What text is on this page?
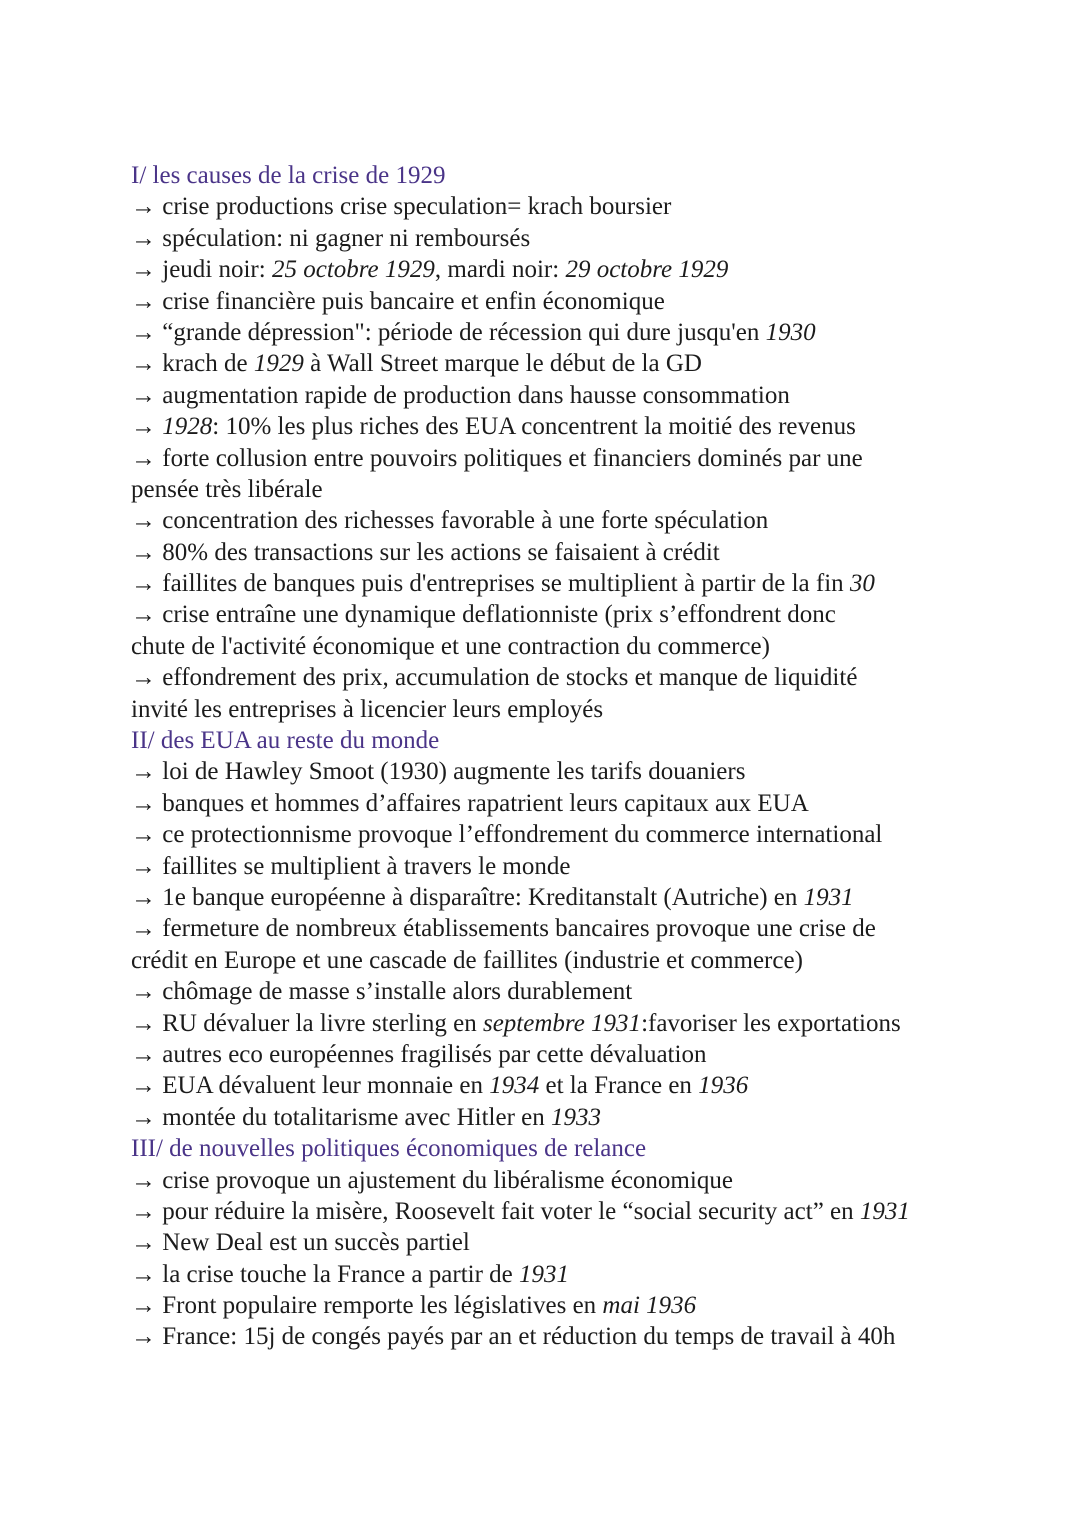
I/ les causes de la crise de 1929
→ crise productions crise speculation= krach boursier
→ spéculation: ni gagner ni remboursés
→ jeudi noir: 25 octobre 1929, mardi noir: 29 octobre 1929
→ crise financière puis bancaire et enfin économique
→ “grande dépression": période de récession qui dure jusqu'en 1930
→ krach de 1929 à Wall Street marque le début de la GD
→ augmentation rapide de production dans hausse consommation
→ 1928: 10% les plus riches des EUA concentrent la moitié des revenus
→ forte collusion entre pouvoirs politiques et financiers dominés par une
pensée très libérale
→ concentration des richesses favorable à une forte spéculation
→ 80% des transactions sur les actions se faisaient à crédit
→ faillites de banques puis d'entreprises se multiplient à partir de la fin 30
→ crise entraîne une dynamique deflationniste (prix s’effondrent donc
chute de l'activité économique et une contraction du commerce)
→ effondrement des prix, accumulation de stocks et manque de liquidité
invité les entreprises à licencier leurs employés
II/ des EUA au reste du monde
→ loi de Hawley Smoot (1930) augmente les tarifs douaniers
→ banques et hommes d’affaires rapatrient leurs capitaux aux EUA
→ ce protectionnisme provoque l’effondrement du commerce international
→ faillites se multiplient à travers le monde
→ 1e banque européenne à disparaître: Kreditanstalt (Autriche) en 1931
→ fermeture de nombreux établissements bancaires provoque une crise de
crédit en Europe et une cascade de faillites (industrie et commerce)
→ chômage de masse s’installe alors durablement
→ RU dévaluer la livre sterling en septembre 1931:favoriser les exportations
→ autres eco européennes fragilisés par cette dévaluation
→ EUA dévaluent leur monnaie en 1934 et la France en 1936
→ montée du totalitarisme avec Hitler en 1933
III/ de nouvelles politiques économiques de relance
→ crise provoque un ajustement du libéralisme économique
→ pour réduire la misère, Roosevelt fait voter le “social security act” en 1931
→ New Deal est un succès partiel
→ la crise touche la France a partir de 1931
→ Front populaire remporte les législatives en mai 1936
→ France: 15j de congés payés par an et réduction du temps de travail à 40h
